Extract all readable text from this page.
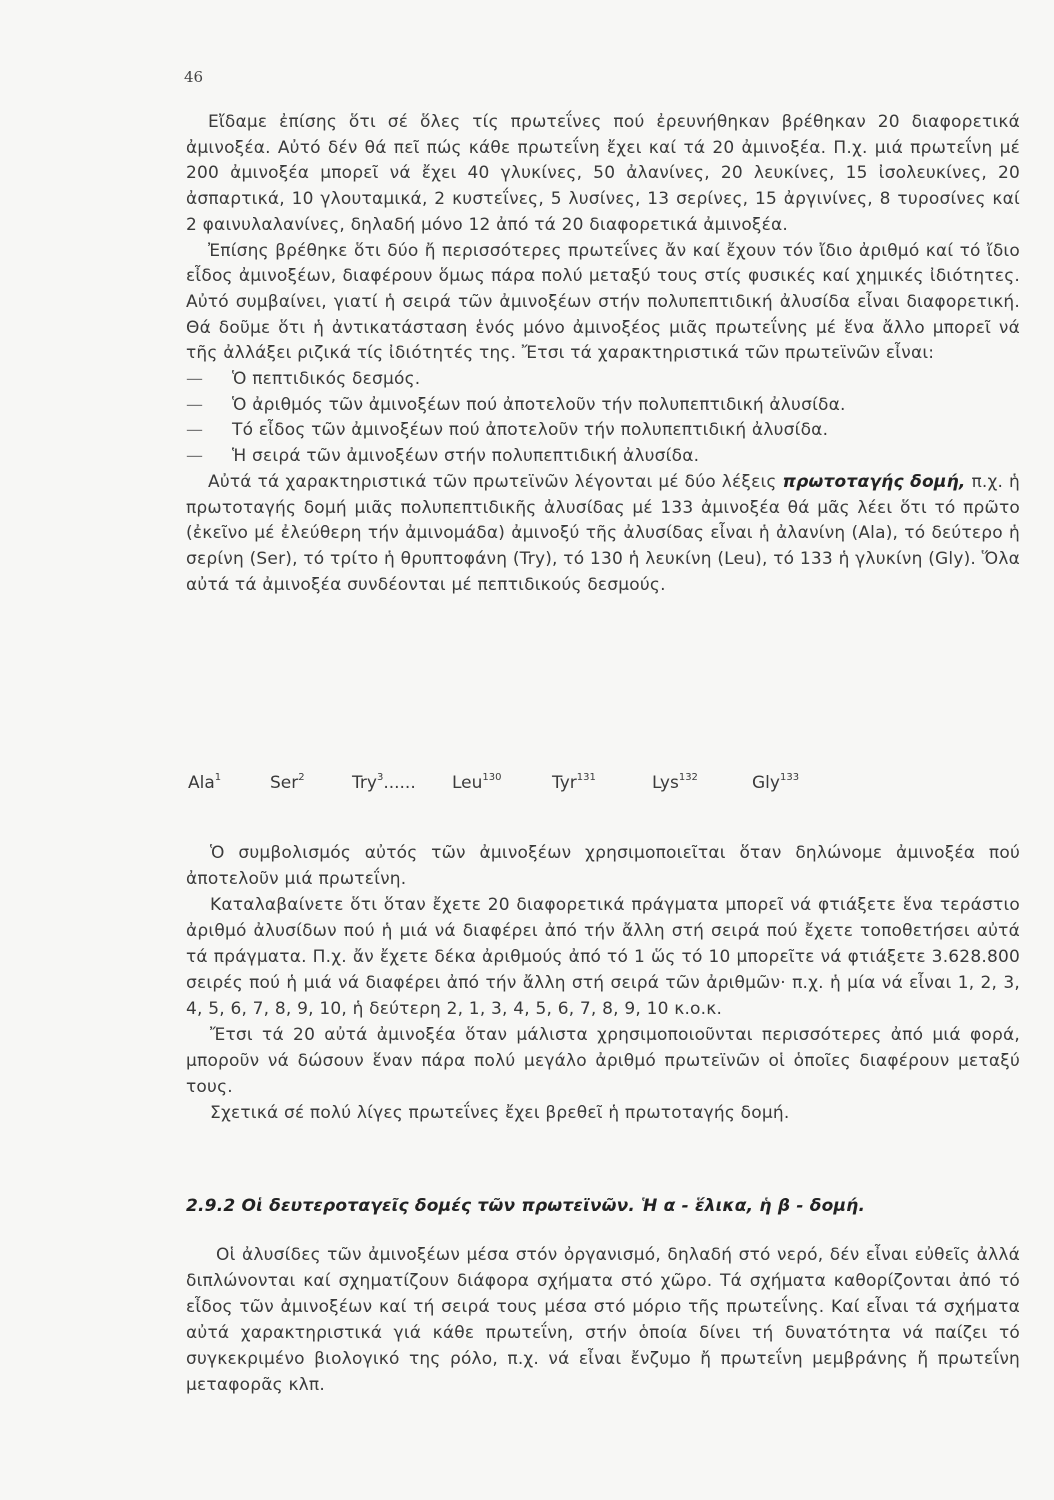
46

Εἴδαμε ἐπίσης ὅτι σέ ὅλες τίς πρωτεΐνες πού ἐρευνήθηκαν βρέθηκαν 20 διαφορετικά ἀμινοξέα. Αὐτό δέν θά πεῖ πώς κάθε πρωτεΐνη ἔχει καί τά 20 ἀμινοξέα. Π.χ. μιά πρωτεΐνη μέ 200 ἀμινοξέα μπορεῖ νά ἔχει 40 γλυκίνες, 50 ἀλανίνες, 20 λευκίνες, 15 ἰσολευκίνες, 20 ἀσπαρτικά, 10 γλουταμικά, 2 κυστεΐνες, 5 λυσίνες, 13 σερίνες, 15 ἀργινίνες, 8 τυροσίνες καί 2 φαινυλαλανίνες, δηλαδή μόνο 12 ἀπό τά 20 διαφορετικά ἀμινοξέα.

Ἐπίσης βρέθηκε ὅτι δύο ἤ περισσότερες πρωτεΐνες ἄν καί ἔχουν τόν ἴδιο ἀριθμό καί τό ἴδιο εἶδος ἀμινοξέων, διαφέρουν ὅμως πάρα πολύ μεταξύ τους στίς φυσικές καί χημικές ἰδιότητες. Αὐτό συμβαίνει, γιατί ἡ σειρά τῶν ἀμινοξέων στήν πολυπεπτιδική ἀλυσίδα εἶναι διαφορετική. Θά δοῦμε ὅτι ἡ ἀντικατάσταση ἑνός μόνο ἀμινοξέος μιᾶς πρωτεΐνης μέ ἕνα ἄλλο μπορεῖ νά τῆς ἀλλάξει ριζικά τίς ἰδιότητές της. Ἔτσι τά χαρακτηριστικά τῶν πρωτεϊνῶν εἶναι:

— Ὁ πεπτιδικός δεσμός.
— Ὁ ἀριθμός τῶν ἀμινοξέων πού ἀποτελοῦν τήν πολυπεπτιδική ἀλυσίδα.
— Τό εἶδος τῶν ἀμινοξέων πού ἀποτελοῦν τήν πολυπεπτιδική ἀλυσίδα.
— Ἡ σειρά τῶν ἀμινοξέων στήν πολυπεπτιδική ἀλυσίδα.

Αὐτά τά χαρακτηριστικά τῶν πρωτεϊνῶν λέγονται μέ δύο λέξεις πρωτοταγής δομή, π.χ. ἡ πρωτοταγής δομή μιᾶς πολυπεπτιδικῆς ἀλυσίδας μέ 133 ἀμινοξέα θά μᾶς λέει ὅτι τό πρῶτο (ἐκεῖνο μέ ἐλεύθερη τήν ἀμινομάδα) ἀμινοξύ τῆς ἀλυσίδας εἶναι ἡ ἀλανίνη (Ala), τό δεύτερο ἡ σερίνη (Ser), τό τρίτο ἡ θρυπτοφάνη (Try), τό 130 ἡ λευκίνη (Leu), τό 133 ἡ γλυκίνη (Gly). Ὅλα αὐτά τά ἀμινοξέα συνδέονται μέ πεπτιδικούς δεσμούς.

Ala$^1$	Ser$^2$	Try$^3$...... Leu$^{130}$	Tyr$^{131}$	Lys$^{132}$	Gly$^{133}$

Ὁ συμβολισμός αὐτός τῶν ἀμινοξέων χρησιμοποιεῖται ὅταν δηλώνομε ἀμινοξέα πού ἀποτελοῦν μιά πρωτεΐνη.

Καταλαβαίνετε ὅτι ὅταν ἔχετε 20 διαφορετικά πράγματα μπορεῖ νά φτιάξετε ἕνα τεράστιο ἀριθμό ἀλυσίδων πού ἡ μιά νά διαφέρει ἀπό τήν ἄλλη στή σειρά πού ἔχετε τοποθετήσει αὐτά τά πράγματα. Π.χ. ἄν ἔχετε δέκα ἀριθμούς ἀπό τό 1 ὥς τό 10 μπορεῖτε νά φτιάξετε 3.628.800 σειρές πού ἡ μιά νά διαφέρει ἀπό τήν ἄλλη στή σειρά τῶν ἀριθμῶν· π.χ. ἡ μία νά εἶναι 1, 2, 3, 4, 5, 6, 7, 8, 9, 10, ἡ δεύτερη 2, 1, 3, 4, 5, 6, 7, 8, 9, 10 κ.ο.κ.

Ἔτσι τά 20 αὐτά ἀμινοξέα ὅταν μάλιστα χρησιμοποιοῦνται περισσότερες ἀπό μιά φορά, μποροῦν νά δώσουν ἕναν πάρα πολύ μεγάλο ἀριθμό πρωτεϊνῶν οἱ ὁποῖες διαφέρουν μεταξύ τους.

Σχετικά σέ πολύ λίγες πρωτεΐνες ἔχει βρεθεῖ ἡ πρωτοταγής δομή.

2.9.2 Οἱ δευτεροταγεῖς δομές τῶν πρωτεϊνῶν. Ἡ α - ἕλικα, ἡ β - δομή.

Οἱ ἀλυσίδες τῶν ἀμινοξέων μέσα στόν ὀργανισμό, δηλαδή στό νερό, δέν εἶναι εὐθεῖς ἀλλά διπλώνονται καί σχηματίζουν διάφορα σχήματα στό χῶρο. Τά σχήματα καθορίζονται ἀπό τό εἶδος τῶν ἀμινοξέων καί τή σειρά τους μέσα στό μόριο τῆς πρωτεΐνης. Καί εἶναι τά σχήματα αὐτά χαρακτηριστικά γιά κάθε πρωτεΐνη, στήν ὁποία δίνει τή δυνατότητα νά παίζει τό συγκεκριμένο βιολογικό της ρόλο, π.χ. νά εἶναι ἔνζυμο ἤ πρωτεΐνη μεμβράνης ἤ πρωτεΐνη μεταφορᾶς κλπ.
